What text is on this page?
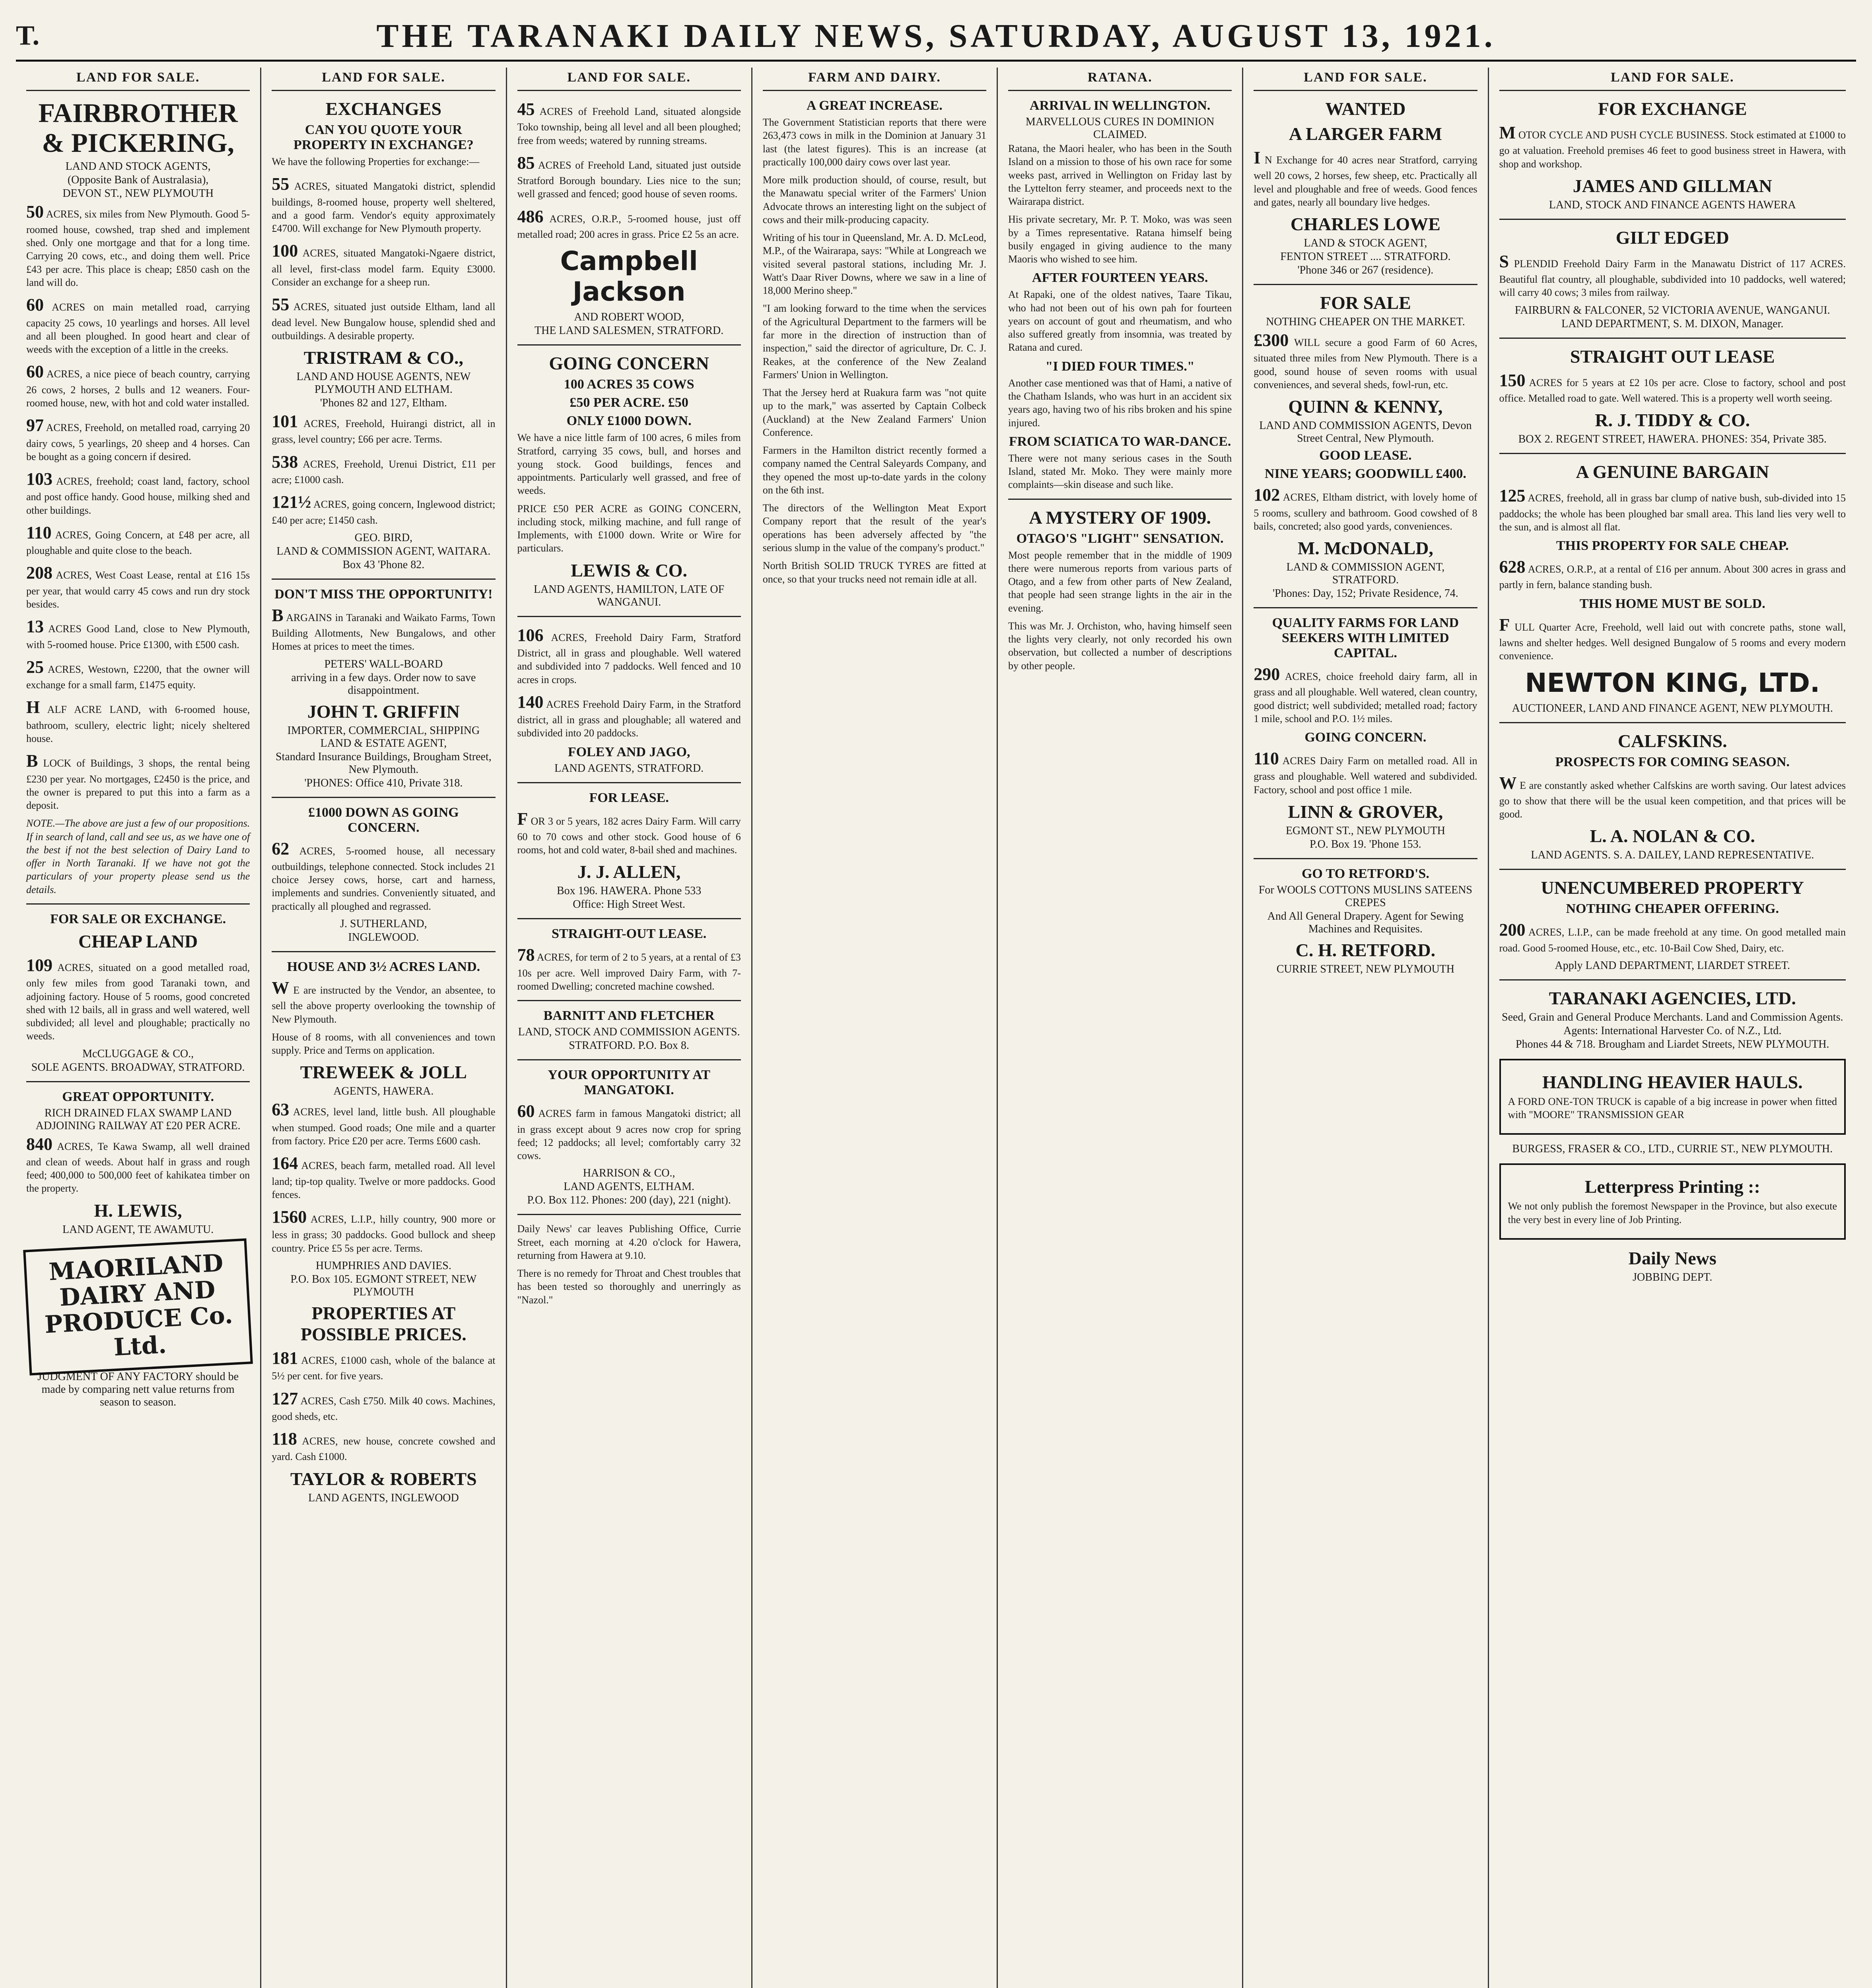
T.	THE TARANAKI DAILY NEWS, SATURDAY, AUGUST 13, 1921.
LAND FOR SALE.
FAIRBROTHER & PICKERING,
LAND AND STOCK AGENTS,
(Opposite Bank of Australasia),
DEVON ST., NEW PLYMOUTH

50 ACRES, six miles from New Plymouth. Good 5-roomed house, cowshed, trap shed and implement shed. Only one mortgage and that for a long time. Carrying 20 cows, etc., and doing them well. Price £43 per acre. This place is cheap; £850 cash on the land will do.

60 ACRES on main metalled road, carrying capacity 25 cows, 10 yearlings and horses. All level and all been ploughed. In good heart and clear of weeds with the exception of a little in the creeks.

60 ACRES, a nice piece of beach country, carrying 26 cows, 2 horses, 2 bulls and 12 weaners. Four-roomed house, new, with hot and cold water installed.

97 ACRES, Freehold, on metalled road, carrying 20 dairy cows, 5 yearlings, 20 sheep and 4 horses. Can be bought as a going concern if desired.

103 ACRES, freehold; coast land, factory, school and post office handy. Good house, milking shed and other buildings.

110 ACRES, Going Concern, at £48 per acre, all ploughable and quite close to the beach.

208 ACRES, West Coast Lease, rental at £16 15s per year, that would carry 45 cows and run dry stock besides.

13 ACRES Good Land, close to New Plymouth, with 5-roomed house. Price £1300, with £500 cash.

25 ACRES, Westown, £2200, that the owner will exchange for a small farm, £1475 equity.

H ALF ACRE LAND, with 6-roomed house, bathroom, scullery, electric light; nicely sheltered house.

B LOCK of Buildings, 3 shops, the rental being £230 per year. No mortgages, £2450 is the price, and the owner is prepared to put this into a farm as a deposit.

NOTE.—The above are just a few of our propositions. If in search of land, call and see us, as we have one of the best if not the best selection of Dairy Land to offer in North Taranaki. If we have not got the particulars of your property please send us the details.

FOR SALE OR EXCHANGE.
CHEAP LAND

109 ACRES, situated on a good metalled road, only few miles from good Taranaki town, and adjoining factory. House of 5 rooms, good concreted shed with 12 bails, all in grass and well watered, well subdivided; all level and ploughable; practically no weeds.

McCLUGGAGE & CO.,
SOLE AGENTS. BROADWAY, STRATFORD.
GREAT OPPORTUNITY.
RICH DRAINED FLAX SWAMP LAND ADJOINING RAILWAY AT £20 PER ACRE.

840 ACRES, Te Kawa Swamp, all well drained and clean of weeds. About half in grass and rough feed; 400,000 to 500,000 feet of kahikatea timber on the property.

H. LEWIS,
LAND AGENT, TE AWAMUTU.
MAORILAND DAIRY AND PRODUCE Co. Ltd.
JUDGMENT OF ANY FACTORY should be made by comparing nett value returns from season to season.
LAND FOR SALE.
EXCHANGES
CAN YOU QUOTE YOUR PROPERTY IN EXCHANGE?

We have the following Properties for exchange:—

55 ACRES, situated Mangatoki district, splendid buildings, 8-roomed house, property well sheltered, and a good farm. Vendor's equity approximately £4700. Will exchange for New Plymouth property.

100 ACRES, situated Mangatoki-Ngaere district, all level, first-class model farm. Equity £3000. Consider an exchange for a sheep run.

55 ACRES, situated just outside Eltham, land all dead level. New Bungalow house, splendid shed and outbuildings. A desirable property.

TRISTRAM & CO.,
LAND AND HOUSE AGENTS, NEW PLYMOUTH AND ELTHAM.
'Phones 82 and 127, Eltham.

101 ACRES, Freehold, Huirangi district, all in grass, level country; £66 per acre. Terms.

538 ACRES, Freehold, Urenui District, £11 per acre; £1000 cash.

121½ ACRES, going concern, Inglewood district; £40 per acre; £1450 cash.

GEO. BIRD,
LAND & COMMISSION AGENT, WAITARA.
Box 43 'Phone 82.
DON'T MISS THE OPPORTUNITY!

B ARGAINS in Taranaki and Waikato Farms, Town Building Allotments, New Bungalows, and other Homes at prices to meet the times.

PETERS' WALL-BOARD
arriving in a few days. Order now to save disappointment.
JOHN T. GRIFFIN
IMPORTER, COMMERCIAL, SHIPPING LAND & ESTATE AGENT,
Standard Insurance Buildings, Brougham Street, New Plymouth.
'PHONES: Office 410, Private 318.
£1000 DOWN AS GOING CONCERN.

62 ACRES, 5-roomed house, all necessary outbuildings, telephone connected. Stock includes 21 choice Jersey cows, horse, cart and harness, implements and sundries. Conveniently situated, and practically all ploughed and regrassed.

J. SUTHERLAND,
INGLEWOOD.
HOUSE AND 3½ ACRES LAND.

W E are instructed by the Vendor, an absentee, to sell the above property overlooking the township of New Plymouth.

House of 8 rooms, with all conveniences and town supply. Price and Terms on application.

TREWEEK & JOLL
AGENTS, HAWERA.

63 ACRES, level land, little bush. All ploughable when stumped. Good roads; One mile and a quarter from factory. Price £20 per acre. Terms £600 cash.

164 ACRES, beach farm, metalled road. All level land; tip-top quality. Twelve or more paddocks. Good fences.

1560 ACRES, L.I.P., hilly country, 900 more or less in grass; 30 paddocks. Good bullock and sheep country. Price £5 5s per acre. Terms.

HUMPHRIES AND DAVIES.
P.O. Box 105. EGMONT STREET, NEW PLYMOUTH
PROPERTIES AT POSSIBLE PRICES.

181 ACRES, £1000 cash, whole of the balance at 5½ per cent. for five years.

127 ACRES, Cash £750. Milk 40 cows. Machines, good sheds, etc.

118 ACRES, new house, concrete cowshed and yard. Cash £1000.

TAYLOR & ROBERTS
LAND AGENTS, INGLEWOOD
LAND FOR SALE.

45 ACRES of Freehold Land, situated alongside Toko township, being all level and all been ploughed; free from weeds; watered by running streams.

85 ACRES of Freehold Land, situated just outside Stratford Borough boundary. Lies nice to the sun; well grassed and fenced; good house of seven rooms.

486 ACRES, O.R.P., 5-roomed house, just off metalled road; 200 acres in grass. Price £2 5s an acre.

Campbell Jackson
AND ROBERT WOOD,
THE LAND SALESMEN, STRATFORD.
GOING CONCERN
100 ACRES 35 COWS
£50 PER ACRE. £50
ONLY £1000 DOWN.

We have a nice little farm of 100 acres, 6 miles from Stratford, carrying 35 cows, bull, and horses and young stock. Good buildings, fences and appointments. Particularly well grassed, and free of weeds.

PRICE £50 PER ACRE as GOING CONCERN, including stock, milking machine, and full range of Implements, with £1000 down. Write or Wire for particulars.

LEWIS & CO.
LAND AGENTS, HAMILTON, LATE OF WANGANUI.

106 ACRES, Freehold Dairy Farm, Stratford District, all in grass and ploughable. Well watered and subdivided into 7 paddocks. Well fenced and 10 acres in crops.

140 ACRES Freehold Dairy Farm, in the Stratford district, all in grass and ploughable; all watered and subdivided into 20 paddocks.

FOLEY AND JAGO,
LAND AGENTS, STRATFORD.
FOR LEASE.

F OR 3 or 5 years, 182 acres Dairy Farm. Will carry 60 to 70 cows and other stock. Good house of 6 rooms, hot and cold water, 8-bail shed and machines.

J. J. ALLEN,
Box 196. HAWERA. Phone 533
Office: High Street West.
STRAIGHT-OUT LEASE.

78 ACRES, for term of 2 to 5 years, at a rental of £3 10s per acre. Well improved Dairy Farm, with 7-roomed Dwelling; concreted machine cowshed.

BARNITT AND FLETCHER
LAND, STOCK AND COMMISSION AGENTS.
STRATFORD. P.O. Box 8.
YOUR OPPORTUNITY AT MANGATOKI.

60 ACRES farm in famous Mangatoki district; all in grass except about 9 acres now crop for spring feed; 12 paddocks; all level; comfortably carry 32 cows.

HARRISON & CO.,
LAND AGENTS, ELTHAM.
P.O. Box 112. Phones: 200 (day), 221 (night).

Daily News' car leaves Publishing Office, Currie Street, each morning at 4.20 o'clock for Hawera, returning from Hawera at 9.10.

There is no remedy for Throat and Chest troubles that has been tested so thoroughly and unerringly as "Nazol."

FARM AND DAIRY.
A GREAT INCREASE.

The Government Statistician reports that there were 263,473 cows in milk in the Dominion at January 31 last (the latest figures). This is an increase (at practically 100,000 dairy cows over last year.

More milk production should, of course, result, but the Manawatu special writer of the Farmers' Union Advocate throws an interesting light on the subject of cows and their milk-producing capacity.

Writing of his tour in Queensland, Mr. A. D. McLeod, M.P., of the Wairarapa, says: "While at Longreach we visited several pastoral stations, including Mr. J. Watt's Daar River Downs, where we saw in a line of 18,000 Merino sheep."

"I am looking forward to the time when the services of the Agricultural Department to the farmers will be far more in the direction of instruction than of inspection," said the director of agriculture, Dr. C. J. Reakes, at the conference of the New Zealand Farmers' Union in Wellington.

That the Jersey herd at Ruakura farm was "not quite up to the mark," was asserted by Captain Colbeck (Auckland) at the New Zealand Farmers' Union Conference.

Farmers in the Hamilton district recently formed a company named the Central Saleyards Company, and they opened the most up-to-date yards in the colony on the 6th inst.

The directors of the Wellington Meat Export Company report that the result of the year's operations has been adversely affected by "the serious slump in the value of the company's product."

North British SOLID TRUCK TYRES are fitted at once, so that your trucks need not remain idle at all.

RATANA.
ARRIVAL IN WELLINGTON.
MARVELLOUS CURES IN DOMINION CLAIMED.

Ratana, the Maori healer, who has been in the South Island on a mission to those of his own race for some weeks past, arrived in Wellington on Friday last by the Lyttelton ferry steamer, and proceeds next to the Wairarapa district.

His private secretary, Mr. P. T. Moko, was was seen by a Times representative. Ratana himself being busily engaged in giving audience to the many Maoris who wished to see him.

AFTER FOURTEEN YEARS.

At Rapaki, one of the oldest natives, Taare Tikau, who had not been out of his own pah for fourteen years on account of gout and rheumatism, and who also suffered greatly from insomnia, was treated by Ratana and cured.

"I DIED FOUR TIMES."

Another case mentioned was that of Hami, a native of the Chatham Islands, who was hurt in an accident six years ago, having two of his ribs broken and his spine injured.

FROM SCIATICA TO WAR-DANCE.

There were not many serious cases in the South Island, stated Mr. Moko. They were mainly more complaints—skin disease and such like.

A MYSTERY OF 1909.
OTAGO'S "LIGHT" SENSATION.

Most people remember that in the middle of 1909 there were numerous reports from various parts of Otago, and a few from other parts of New Zealand, that people had seen strange lights in the air in the evening.

This was Mr. J. Orchiston, who, having himself seen the lights very clearly, not only recorded his own observation, but collected a number of descriptions by other people.

LAND FOR SALE.
WANTED
A LARGER FARM

I N Exchange for 40 acres near Stratford, carrying well 20 cows, 2 horses, few sheep, etc. Practically all level and ploughable and free of weeds. Good fences and gates, nearly all boundary live hedges.

CHARLES LOWE
LAND & STOCK AGENT,
FENTON STREET .... STRATFORD.
'Phone 346 or 267 (residence).
FOR SALE
NOTHING CHEAPER ON THE MARKET.

£300 WILL secure a good Farm of 60 Acres, situated three miles from New Plymouth. There is a good, sound house of seven rooms with usual conveniences, and several sheds, fowl-run, etc.

QUINN & KENNY,
LAND AND COMMISSION AGENTS, Devon Street Central, New Plymouth.
GOOD LEASE.
NINE YEARS; GOODWILL £400.

102 ACRES, Eltham district, with lovely home of 5 rooms, scullery and bathroom. Good cowshed of 8 bails, concreted; also good yards, conveniences.

M. McDONALD,
LAND & COMMISSION AGENT, STRATFORD.
'Phones: Day, 152; Private Residence, 74.
QUALITY FARMS FOR LAND SEEKERS WITH LIMITED CAPITAL.

290 ACRES, choice freehold dairy farm, all in grass and all ploughable. Well watered, clean country, good district; well subdivided; metalled road; factory 1 mile, school and P.O. 1½ miles.

GOING CONCERN.

110 ACRES Dairy Farm on metalled road. All in grass and ploughable. Well watered and subdivided. Factory, school and post office 1 mile.

LINN & GROVER,
EGMONT ST., NEW PLYMOUTH
P.O. Box 19. 'Phone 153.
GO TO RETFORD'S.
For WOOLS COTTONS MUSLINS SATEENS CREPES
And All General Drapery. Agent for Sewing Machines and Requisites.
C. H. RETFORD.
CURRIE STREET, NEW PLYMOUTH
LAND FOR SALE.
FOR EXCHANGE

M OTOR CYCLE AND PUSH CYCLE BUSINESS. Stock estimated at £1000 to go at valuation. Freehold premises 46 feet to good business street in Hawera, with shop and workshop.

JAMES AND GILLMAN
LAND, STOCK AND FINANCE AGENTS HAWERA
GILT EDGED

S PLENDID Freehold Dairy Farm in the Manawatu District of 117 ACRES. Beautiful flat country, all ploughable, subdivided into 10 paddocks, well watered; will carry 40 cows; 3 miles from railway.

FAIRBURN & FALCONER, 52 VICTORIA AVENUE, WANGANUI.
LAND DEPARTMENT, S. M. DIXON, Manager.
STRAIGHT OUT LEASE

150 ACRES for 5 years at £2 10s per acre. Close to factory, school and post office. Metalled road to gate. Well watered. This is a property well worth seeing.

R. J. TIDDY & CO.
BOX 2. REGENT STREET, HAWERA. PHONES: 354, Private 385.
A GENUINE BARGAIN

125 ACRES, freehold, all in grass bar clump of native bush, sub-divided into 15 paddocks; the whole has been ploughed bar small area. This land lies very well to the sun, and is almost all flat.

THIS PROPERTY FOR SALE CHEAP.

628 ACRES, O.R.P., at a rental of £16 per annum. About 300 acres in grass and partly in fern, balance standing bush.

THIS HOME MUST BE SOLD.

F ULL Quarter Acre, Freehold, well laid out with concrete paths, stone wall, lawns and shelter hedges. Well designed Bungalow of 5 rooms and every modern convenience.

NEWTON KING, LTD.
AUCTIONEER, LAND AND FINANCE AGENT, NEW PLYMOUTH.
CALFSKINS.
PROSPECTS FOR COMING SEASON.

W E are constantly asked whether Calfskins are worth saving. Our latest advices go to show that there will be the usual keen competition, and that prices will be good.

L. A. NOLAN & CO.
LAND AGENTS. S. A. DAILEY, LAND REPRESENTATIVE.
UNENCUMBERED PROPERTY
NOTHING CHEAPER OFFERING.

200 ACRES, L.I.P., can be made freehold at any time. On good metalled main road. Good 5-roomed House, etc., etc. 10-Bail Cow Shed, Dairy, etc.

Apply LAND DEPARTMENT, LIARDET STREET.
TARANAKI AGENCIES, LTD.
Seed, Grain and General Produce Merchants. Land and Commission Agents.
Agents: International Harvester Co. of N.Z., Ltd.
Phones 44 & 718. Brougham and Liardet Streets, NEW PLYMOUTH.
HANDLING HEAVIER HAULS.

A FORD ONE-TON TRUCK is capable of a big increase in power when fitted with "MOORE" TRANSMISSION GEAR

BURGESS, FRASER & CO., LTD., CURRIE ST., NEW PLYMOUTH.
Letterpress Printing ::

We not only publish the foremost Newspaper in the Province, but also execute the very best in every line of Job Printing.

Daily News
JOBBING DEPT.
